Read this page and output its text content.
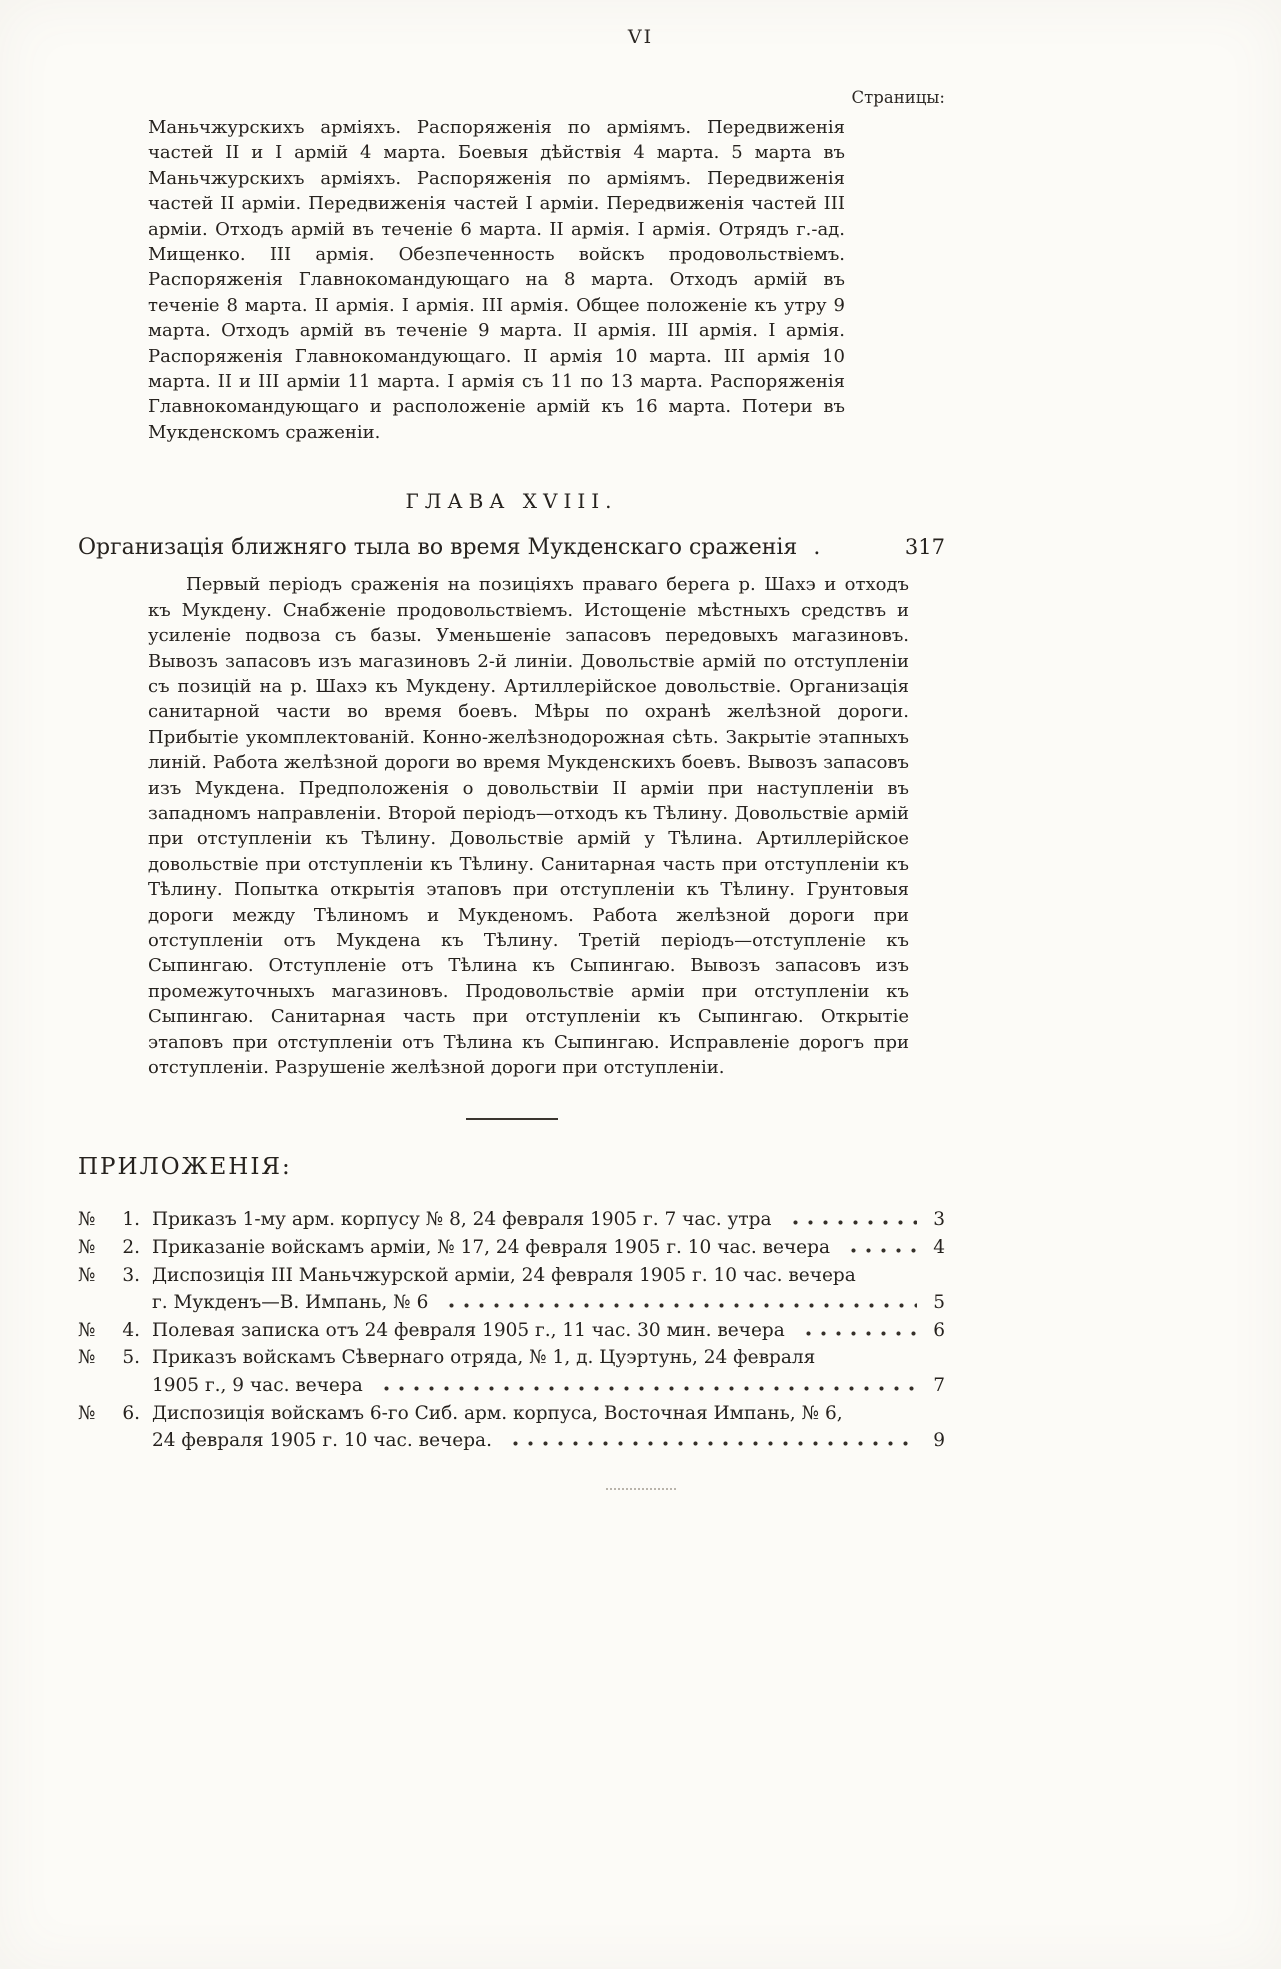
VI
Страницы:

Маньчжурскихъ арміяхъ. Распоряженія по арміямъ. Передвиженія частей II и I армій 4 марта. Боевыя дѣйствія 4 марта. 5 марта въ Маньчжурскихъ арміяхъ. Распоряженія по арміямъ. Передвиженія частей II арміи. Передвиженія частей I арміи. Передвиженія частей III арміи. Отходъ армій въ теченіе 6 марта. II армія. I армія. Отрядъ г.-ад. Мищенко. III армія. Обезпеченность войскъ продовольствіемъ. Распоряженія Главнокомандующаго на 8 марта. Отходъ армій въ теченіе 8 марта. II армія. I армія. III армія. Общее положеніе къ утру 9 марта. Отходъ армій въ теченіе 9 марта. II армія. III армія. I армія. Распоряженія Главнокомандующаго. II армія 10 марта. III армія 10 марта. II и III арміи 11 марта. I армія съ 11 по 13 марта. Распоряженія Главнокомандующаго и расположеніе армій къ 16 марта. Потери въ Мукденскомъ сраженіи.

ГЛАВА XVIII.
Организація ближняго тыла во время Мукденскаго сраженія .	317

Первый періодъ сраженія на позиціяхъ праваго берега р. Шахэ и отходъ къ Мукдену. Снабженіе продовольствіемъ. Истощеніе мѣстныхъ средствъ и усиленіе подвоза съ базы. Уменьшеніе запасовъ передовыхъ магазиновъ. Вывозъ запасовъ изъ магазиновъ 2-й линіи. Довольствіе армій по отступленіи съ позицій на р. Шахэ къ Мукдену. Артиллерійское довольствіе. Организація санитарной части во время боевъ. Мѣры по охранѣ желѣзной дороги. Прибытіе укомплектованій. Конно-желѣзнодорожная сѣть. Закрытіе этапныхъ линій. Работа желѣзной дороги во время Мукденскихъ боевъ. Вывозъ запасовъ изъ Мукдена. Предположенія о довольствіи II арміи при наступленіи въ западномъ направленіи. Второй періодъ—отходъ къ Тѣлину. Довольствіе армій при отступленіи къ Тѣлину. Довольствіе армій у Тѣлина. Артиллерійское довольствіе при отступленіи къ Тѣлину. Санитарная часть при отступленіи къ Тѣлину. Попытка открытія этаповъ при отступленіи къ Тѣлину. Грунтовыя дороги между Тѣлиномъ и Мукденомъ. Работа желѣзной дороги при отступленіи отъ Мукдена къ Тѣлину. Третій періодъ—отступленіе къ Сыпингаю. Отступленіе отъ Тѣлина къ Сыпингаю. Вывозъ запасовъ изъ промежуточныхъ магазиновъ. Продовольствіе арміи при отступленіи къ Сыпингаю. Санитарная часть при отступленіи къ Сыпингаю. Открытіе этаповъ при отступленіи отъ Тѣлина къ Сыпингаю. Исправленіе дорогъ при отступленіи. Разрушеніе желѣзной дороги при отступленіи.

ПРИЛОЖЕНІЯ:
№	1. Приказъ 1-му арм. корпусу № 8, 24 февраля 1905 г. 7 час. утра	3
№	2. Приказаніе войскамъ арміи, № 17, 24 февраля 1905 г. 10 час. вечера	4
№	3. Диспозиція III Маньчжурской арміи, 24 февраля 1905 г. 10 час. вечера
г. Мукденъ—В. Импань, № 6	5
№	4. Полевая записка отъ 24 февраля 1905 г., 11 час. 30 мин. вечера	6
№	5. Приказъ войскамъ Сѣвернаго отряда, № 1, д. Цуэртунь, 24 февраля
1905 г., 9 час. вечера	7
№	6. Диспозиція войскамъ 6-го Сиб. арм. корпуса, Восточная Импань, № 6,
24 февраля 1905 г. 10 час. вечера.	9
